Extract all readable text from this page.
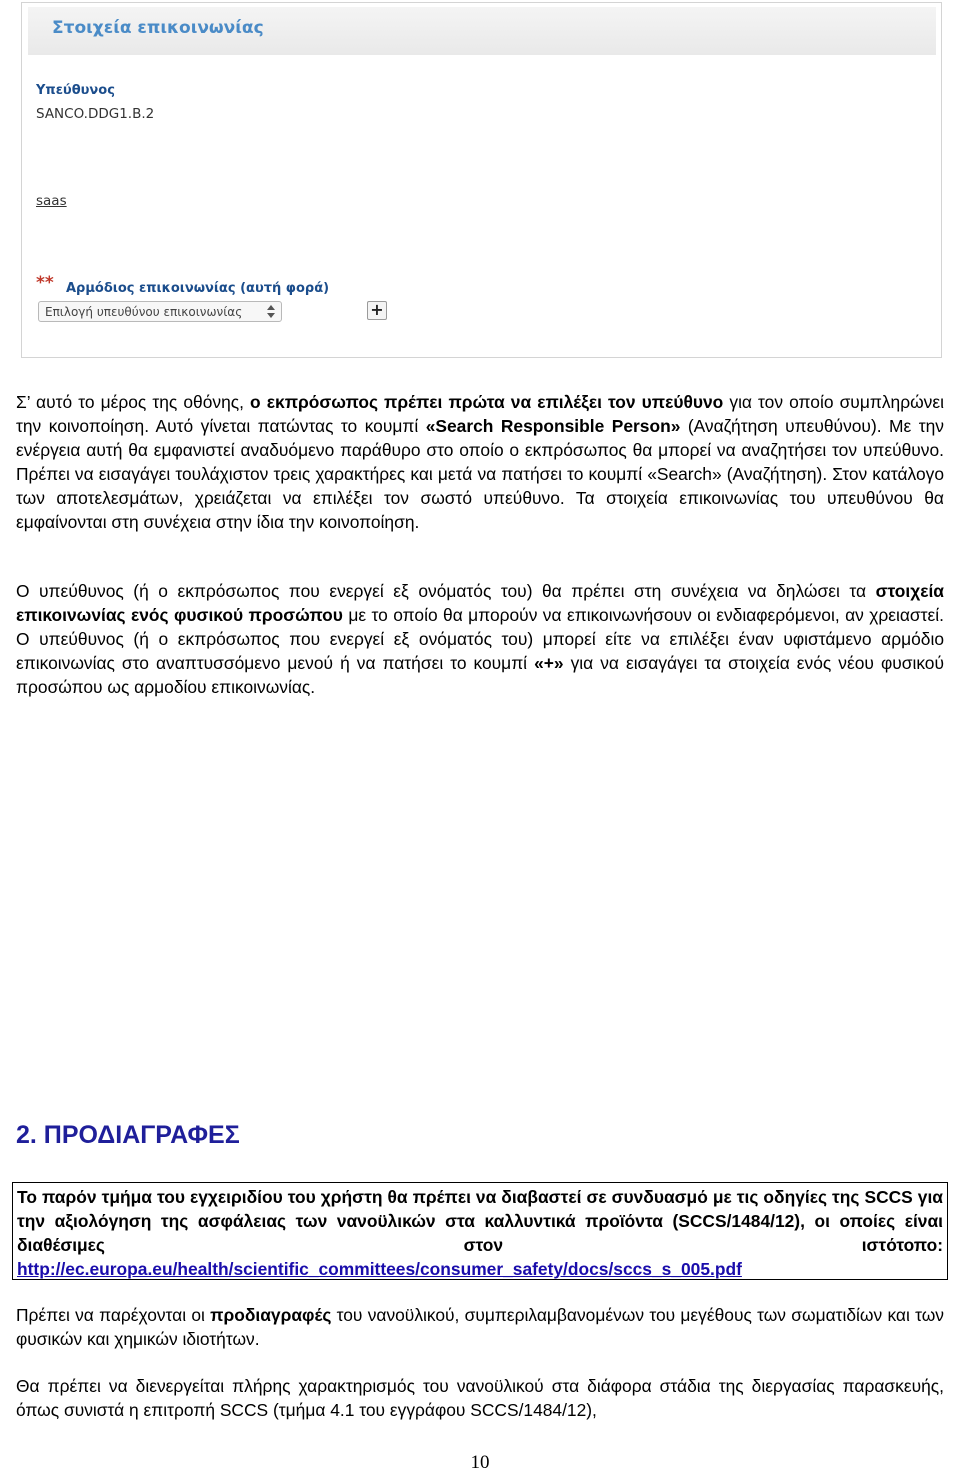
Στοιχεία επικοινωνίας
Υπεύθυνος
SANCO.DDG1.B.2
saas
** Αρμόδιος επικοινωνίας (αυτή φορά)
Επιλογή υπευθύνου επικοινωνίας	+

Σ’ αυτό το μέρος της οθόνης, ο εκπρόσωπος πρέπει πρώτα να επιλέξει τον υπεύθυνο για τον οποίο συμπληρώνει την κοινοποίηση. Αυτό γίνεται πατώντας το κουμπί «Search Responsible Person» (Αναζήτηση υπευθύνου). Με την ενέργεια αυτή θα εμφανιστεί αναδυόμενο παράθυρο στο οποίο ο εκπρόσωπος θα μπορεί να αναζητήσει τον υπεύθυνο. Πρέπει να εισαγάγει τουλάχιστον τρεις χαρακτήρες και μετά να πατήσει το κουμπί «Search» (Αναζήτηση). Στον κατάλογο των αποτελεσμάτων, χρειάζεται να επιλέξει τον σωστό υπεύθυνο. Τα στοιχεία επικοινωνίας του υπευθύνου θα εμφαίνονται στη συνέχεια στην ίδια την κοινοποίηση.

Ο υπεύθυνος (ή ο εκπρόσωπος που ενεργεί εξ ονόματός του) θα πρέπει στη συνέχεια να δηλώσει τα στοιχεία επικοινωνίας ενός φυσικού προσώπου με το οποίο θα μπορούν να επικοινωνήσουν οι ενδιαφερόμενοι, αν χρειαστεί. Ο υπεύθυνος (ή ο εκπρόσωπος που ενεργεί εξ ονόματός του) μπορεί είτε να επιλέξει έναν υφιστάμενο αρμόδιο επικοινωνίας στο αναπτυσσόμενο μενού ή να πατήσει το κουμπί «+» για να εισαγάγει τα στοιχεία ενός νέου φυσικού προσώπου ως αρμοδίου επικοινωνίας.

2. ΠΡΟΔΙΑΓΡΑΦΕΣ

Το παρόν τμήμα του εγχειριδίου του χρήστη θα πρέπει να διαβαστεί σε συνδυασμό με τις οδηγίες της SCCS για την αξιολόγηση της ασφάλειας των νανοϋλικών στα καλλυντικά προϊόντα (SCCS/1484/12), οι οποίες είναι διαθέσιμες στον ιστότοπο: http://ec.europa.eu/health/scientific_committees/consumer_safety/docs/sccs_s_005.pdf

Πρέπει να παρέχονται οι προδιαγραφές του νανοϋλικού, συμπεριλαμβανομένων του μεγέθους των σωματιδίων και των φυσικών και χημικών ιδιοτήτων.

Θα πρέπει να διενεργείται πλήρης χαρακτηρισμός του νανοϋλικού στα διάφορα στάδια της διεργασίας παρασκευής, όπως συνιστά η επιτροπή SCCS (τμήμα 4.1 του εγγράφου SCCS/1484/12),

10
